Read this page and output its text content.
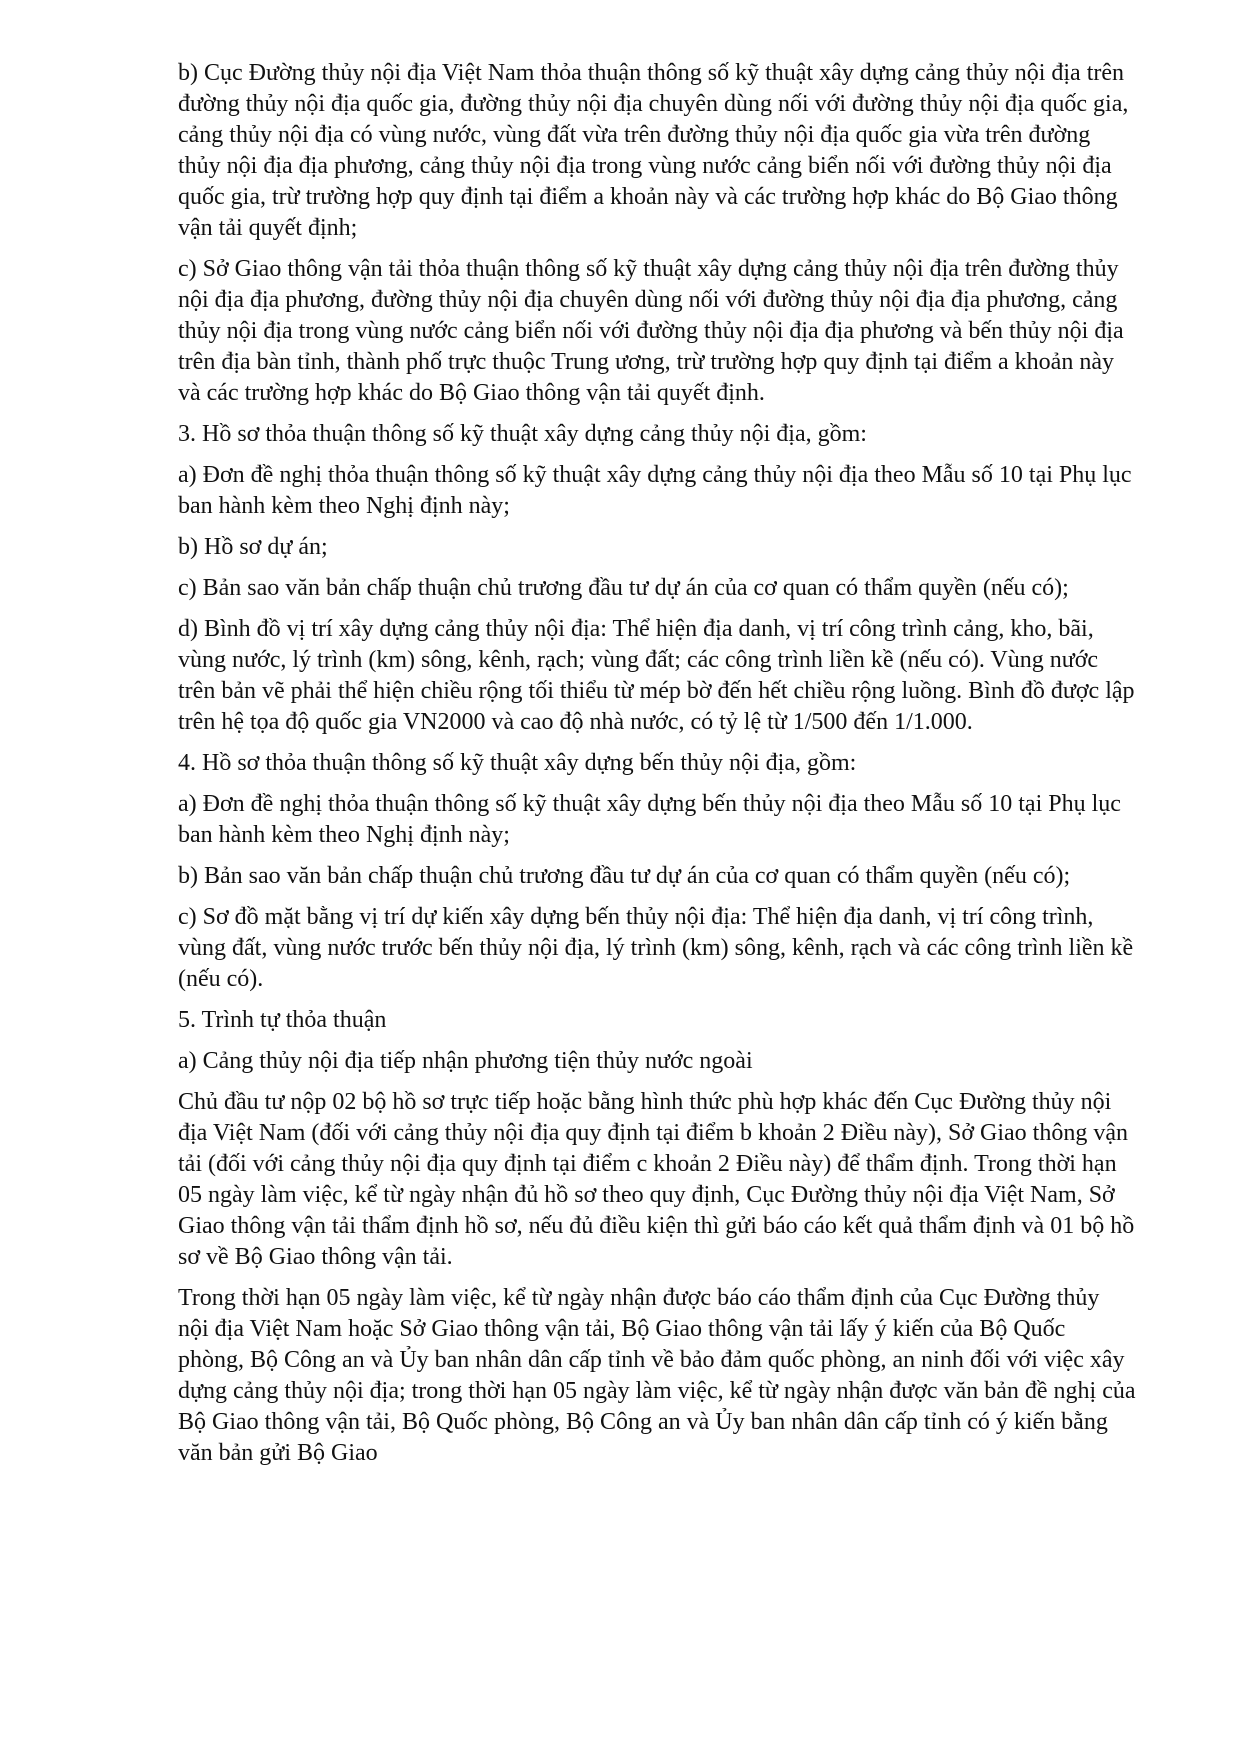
b) Cục Đường thủy nội địa Việt Nam thỏa thuận thông số kỹ thuật xây dựng cảng thủy nội địa trên đường thủy nội địa quốc gia, đường thủy nội địa chuyên dùng nối với đường thủy nội địa quốc gia, cảng thủy nội địa có vùng nước, vùng đất vừa trên đường thủy nội địa quốc gia vừa trên đường thủy nội địa địa phương, cảng thủy nội địa trong vùng nước cảng biển nối với đường thủy nội địa quốc gia, trừ trường hợp quy định tại điểm a khoản này và các trường hợp khác do Bộ Giao thông vận tải quyết định;

c) Sở Giao thông vận tải thỏa thuận thông số kỹ thuật xây dựng cảng thủy nội địa trên đường thủy nội địa địa phương, đường thủy nội địa chuyên dùng nối với đường thủy nội địa địa phương, cảng thủy nội địa trong vùng nước cảng biển nối với đường thủy nội địa địa phương và bến thủy nội địa trên địa bàn tỉnh, thành phố trực thuộc Trung ương, trừ trường hợp quy định tại điểm a khoản này và các trường hợp khác do Bộ Giao thông vận tải quyết định.

3. Hồ sơ thỏa thuận thông số kỹ thuật xây dựng cảng thủy nội địa, gồm:

a) Đơn đề nghị thỏa thuận thông số kỹ thuật xây dựng cảng thủy nội địa theo Mẫu số 10 tại Phụ lục ban hành kèm theo Nghị định này;

b) Hồ sơ dự án;

c) Bản sao văn bản chấp thuận chủ trương đầu tư dự án của cơ quan có thẩm quyền (nếu có);

d) Bình đồ vị trí xây dựng cảng thủy nội địa: Thể hiện địa danh, vị trí công trình cảng, kho, bãi, vùng nước, lý trình (km) sông, kênh, rạch; vùng đất; các công trình liền kề (nếu có). Vùng nước trên bản vẽ phải thể hiện chiều rộng tối thiểu từ mép bờ đến hết chiều rộng luồng. Bình đồ được lập trên hệ tọa độ quốc gia VN2000 và cao độ nhà nước, có tỷ lệ từ 1/500 đến 1/1.000.

4. Hồ sơ thỏa thuận thông số kỹ thuật xây dựng bến thủy nội địa, gồm:

a) Đơn đề nghị thỏa thuận thông số kỹ thuật xây dựng bến thủy nội địa theo Mẫu số 10 tại Phụ lục ban hành kèm theo Nghị định này;

b) Bản sao văn bản chấp thuận chủ trương đầu tư dự án của cơ quan có thẩm quyền (nếu có);

c) Sơ đồ mặt bằng vị trí dự kiến xây dựng bến thủy nội địa: Thể hiện địa danh, vị trí công trình, vùng đất, vùng nước trước bến thủy nội địa, lý trình (km) sông, kênh, rạch và các công trình liền kề (nếu có).

5. Trình tự thỏa thuận

a) Cảng thủy nội địa tiếp nhận phương tiện thủy nước ngoài

Chủ đầu tư nộp 02 bộ hồ sơ trực tiếp hoặc bằng hình thức phù hợp khác đến Cục Đường thủy nội địa Việt Nam (đối với cảng thủy nội địa quy định tại điểm b khoản 2 Điều này), Sở Giao thông vận tải (đối với cảng thủy nội địa quy định tại điểm c khoản 2 Điều này) để thẩm định. Trong thời hạn 05 ngày làm việc, kể từ ngày nhận đủ hồ sơ theo quy định, Cục Đường thủy nội địa Việt Nam, Sở Giao thông vận tải thẩm định hồ sơ, nếu đủ điều kiện thì gửi báo cáo kết quả thẩm định và 01 bộ hồ sơ về Bộ Giao thông vận tải.

Trong thời hạn 05 ngày làm việc, kể từ ngày nhận được báo cáo thẩm định của Cục Đường thủy nội địa Việt Nam hoặc Sở Giao thông vận tải, Bộ Giao thông vận tải lấy ý kiến của Bộ Quốc phòng, Bộ Công an và Ủy ban nhân dân cấp tỉnh về bảo đảm quốc phòng, an ninh đối với việc xây dựng cảng thủy nội địa; trong thời hạn 05 ngày làm việc, kể từ ngày nhận được văn bản đề nghị của Bộ Giao thông vận tải, Bộ Quốc phòng, Bộ Công an và Ủy ban nhân dân cấp tỉnh có ý kiến bằng văn bản gửi Bộ Giao
